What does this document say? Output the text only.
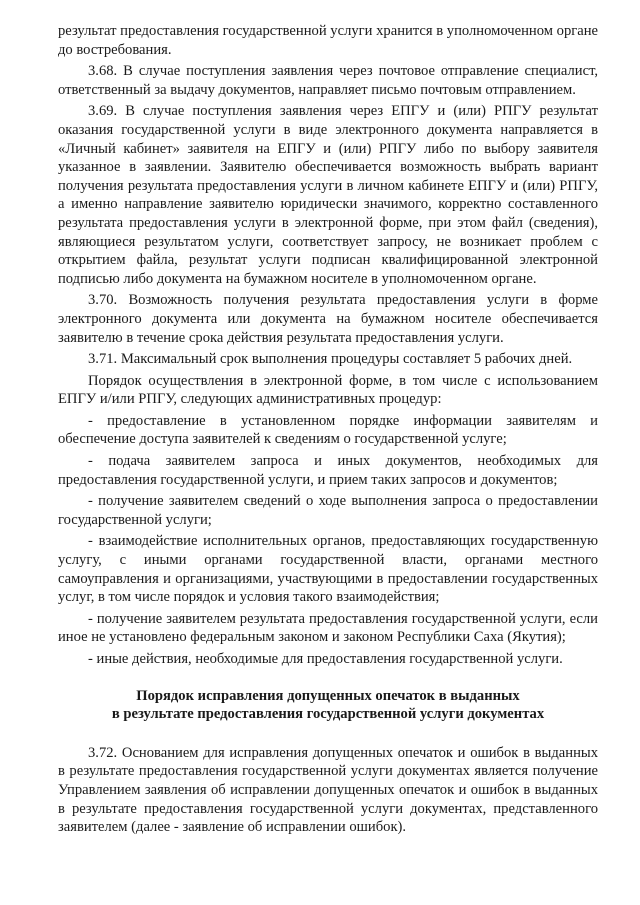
результат предоставления государственной услуги хранится в уполномоченном органе до востребования.

3.68. В случае поступления заявления через почтовое отправление специалист, ответственный за выдачу документов, направляет письмо почтовым отправлением.

3.69. В случае поступления заявления через ЕПГУ и (или) РПГУ результат оказания государственной услуги в виде электронного документа направляется в «Личный кабинет» заявителя на ЕПГУ и (или) РПГУ либо по выбору заявителя указанное в заявлении. Заявителю обеспечивается возможность выбрать вариант получения результата предоставления услуги в личном кабинете ЕПГУ и (или) РПГУ, а именно направление заявителю юридически значимого, корректно составленного результата предоставления услуги в электронной форме, при этом файл (сведения), являющиеся результатом услуги, соответствует запросу, не возникает проблем с открытием файла, результат услуги подписан квалифицированной электронной подписью либо документа на бумажном носителе в уполномоченном органе.

3.70. Возможность получения результата предоставления услуги в форме электронного документа или документа на бумажном носителе обеспечивается заявителю в течение срока действия результата предоставления услуги.

3.71. Максимальный срок выполнения процедуры составляет 5 рабочих дней.

Порядок осуществления в электронной форме, в том числе с использованием ЕПГУ и/или РПГУ, следующих административных процедур:

- предоставление в установленном порядке информации заявителям и обеспечение доступа заявителей к сведениям о государственной услуге;

- подача заявителем запроса и иных документов, необходимых для предоставления государственной услуги, и прием таких запросов и документов;

- получение заявителем сведений о ходе выполнения запроса о предоставлении государственной услуги;

- взаимодействие исполнительных органов, предоставляющих государственную услугу, с иными органами государственной власти, органами местного самоуправления и организациями, участвующими в предоставлении государственных услуг, в том числе порядок и условия такого взаимодействия;

- получение заявителем результата предоставления государственной услуги, если иное не установлено федеральным законом и законом Республики Саха (Якутия);

- иные действия, необходимые для предоставления государственной услуги.

Порядок исправления допущенных опечаток в выданных
в результате предоставления государственной услуги документах

3.72. Основанием для исправления допущенных опечаток и ошибок в выданных в результате предоставления государственной услуги документах является получение Управлением заявления об исправлении допущенных опечаток и ошибок в выданных в результате предоставления государственной услуги документах, представленного заявителем (далее - заявление об исправлении ошибок).
